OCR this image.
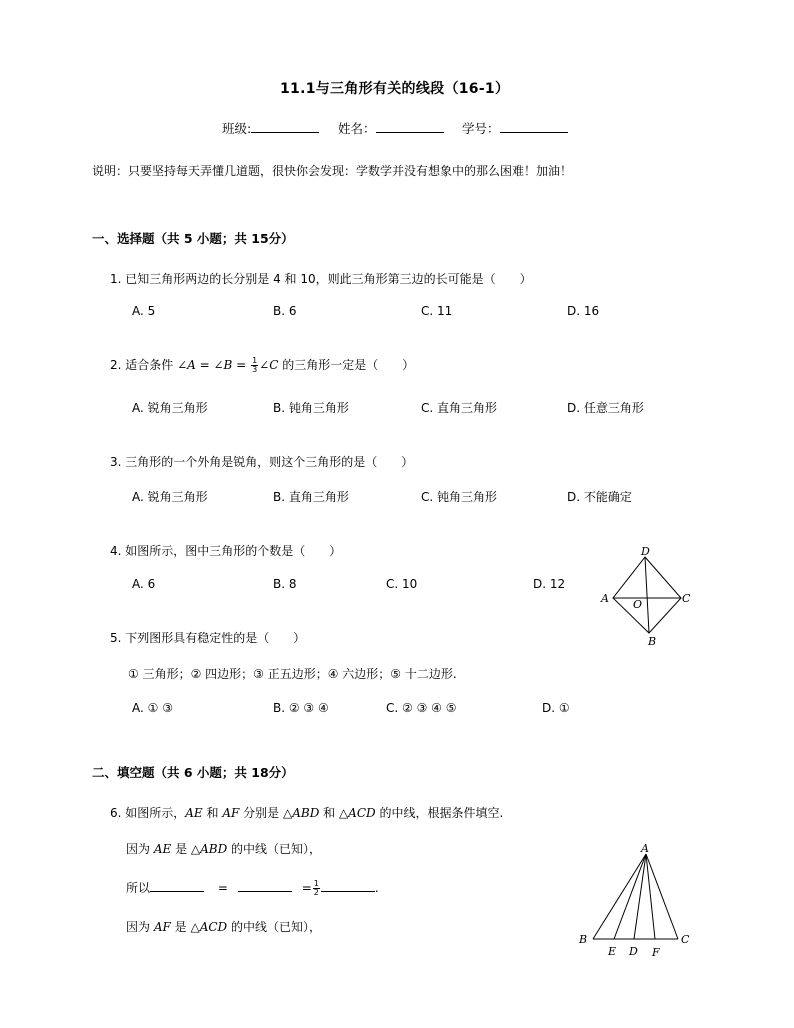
11.1与三角形有关的线段（16-1）
班级:	姓名：	学号：
说明：只要坚持每天弄懂几道题，很快你会发现：学数学并没有想象中的那么困难！加油！
一、选择题（共 5 小题；共 15分）
1. 已知三角形两边的长分别是 4 和 10，则此三角形第三边的长可能是（　　）
A. 5	B. 6	C. 11	D. 16
2. 适合条件 ∠A = ∠B = $\frac{1}{3}$ ∠C 的三角形一定是（　　）
A. 锐角三角形	B. 钝角三角形	C. 直角三角形	D. 任意三角形
3. 三角形的一个外角是锐角，则这个三角形的是（　　）
A. 锐角三角形	B. 直角三角形	C. 钝角三角形	D. 不能确定
4. 如图所示，图中三角形的个数是（　　）
A. 6	B. 8	C. 10	D. 12
D
A O	C
B
5. 下列图形具有稳定性的是（　　）
① 三角形；② 四边形；③ 正五边形；④ 六边形；⑤ 十二边形.
A. ① ③	B. ② ③ ④	C. ② ③ ④ ⑤	D. ①
二、填空题（共 6 小题；共 18分）
6. 如图所示，AE 和 AF 分别是 △ABD 和 △ACD 的中线，根据条件填空.
因为 AE 是 △ABD 的中线（已知），
所以	=	= $\frac{1}{2}$	.
因为 AF 是 △ACD 的中线（已知），
A
B
E D F
C
